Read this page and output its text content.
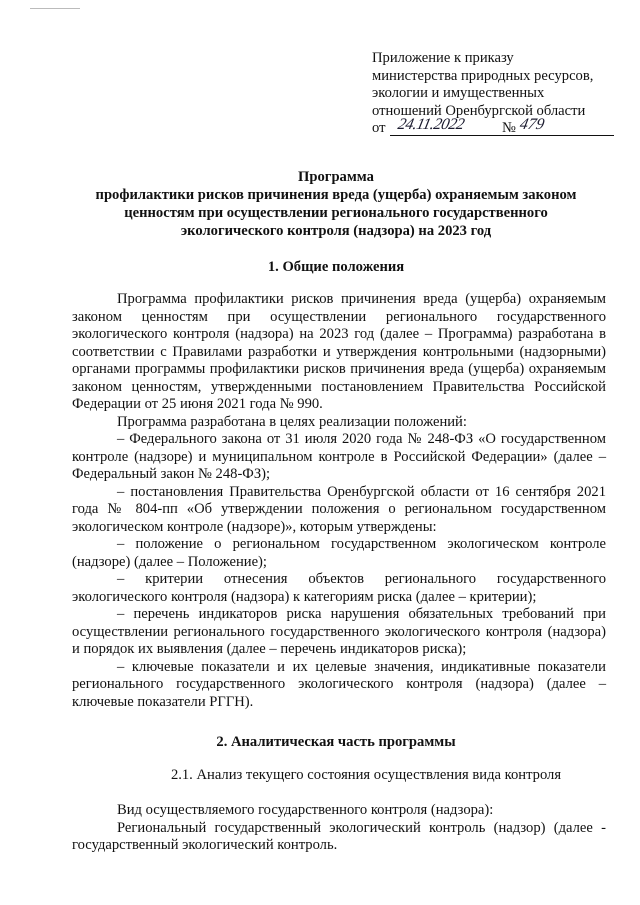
Приложение к приказу
министерства природных ресурсов,
экологии и имущественных
отношений Оренбургской области
от 24.11.2022 № 479
Программа
профилактики рисков причинения вреда (ущерба) охраняемым законом
ценностям при осуществлении регионального государственного
экологического контроля (надзора) на 2023 год
1. Общие положения

Программа профилактики рисков причинения вреда (ущерба) охраняемым законом ценностям при осуществлении регионального государственного экологического контроля (надзора) на 2023 год (далее – Программа) разработана в соответствии с Правилами разработки и утверждения контрольными (надзорными) органами программы профилактики рисков причинения вреда (ущерба) охраняемым законом ценностям, утвержденными постановлением Правительства Российской Федерации от 25 июня 2021 года № 990.

Программа разработана в целях реализации положений:

– Федерального закона от 31 июля 2020 года № 248-ФЗ «О государственном контроле (надзоре) и муниципальном контроле в Российской Федерации» (далее – Федеральный закон № 248-ФЗ);

– постановления Правительства Оренбургской области от 16 сентября 2021 года № 804-пп «Об утверждении положения о региональном государственном экологическом контроле (надзоре)», которым утверждены:

– положение о региональном государственном экологическом контроле (надзоре) (далее – Положение);

– критерии отнесения объектов регионального государственного экологического контроля (надзора) к категориям риска (далее – критерии);

– перечень индикаторов риска нарушения обязательных требований при осуществлении регионального государственного экологического контроля (надзора) и порядок их выявления (далее – перечень индикаторов риска);

– ключевые показатели и их целевые значения, индикативные показатели регионального государственного экологического контроля (надзора) (далее – ключевые показатели РГГН).

2. Аналитическая часть программы
2.1. Анализ текущего состояния осуществления вида контроля

Вид осуществляемого государственного контроля (надзора):

Региональный государственный экологический контроль (надзор) (далее - государственный экологический контроль.
